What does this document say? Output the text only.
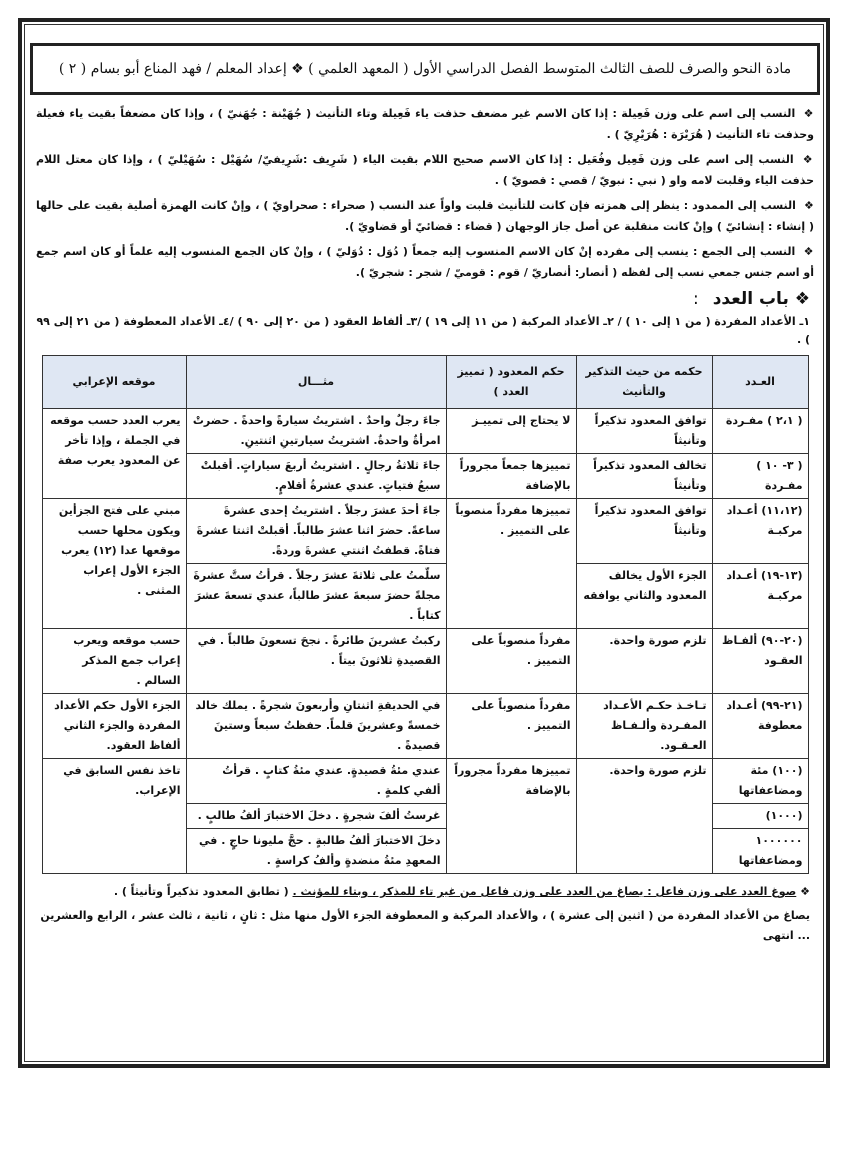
مادة النحو والصرف للصف الثالث المتوسط الفصل الدراسي الأول ( المعهد العلمي ) ❖ إعداد المعلم / فهد المناع أبو بسام ( ٢ )
❖ النسب إلى اسم على وزن فَعِيلة : إذا كان الاسم غير مضعف حذفت ياء فَعِيلة وتاء التأنيث ( جُهَيْنة : جُهَنيّ ) ، وإذا كان مضعفاً بقيت ياء فعيلة وحذفت تاء التأنيث ( هُرَيْرَة : هُرَيْرِيّ ) .
❖ النسب إلى اسم على وزن فَعِيل وفُعَيل : إذا كان الاسم صحيح اللام بقيت الياء ( شَرِيف :شَرِيفيّ/ سُهَيْل : سُهَيْليّ ) ، وإذا كان معتل اللام حذفت الياء وقلبت لامه واو ( نبي : نبويّ / قصي : قصويّ ) .
❖ النسب إلى الممدود : ينظر إلى همزته فإن كانت للتأنيث قلبت واواً عند النسب ( صحراء : صحراويّ ) ، وإنْ كانت الهمزة أصلية بقيت على حالها ( إنشاء : إنشائيّ ) وإنْ كانت منقلبة عن أصل جاز الوجهان ( قضاء : قضائيّ أو قضاويّ ).
❖ النسب إلى الجمع : ينسب إلى مفرده إنْ كان الاسم المنسوب إليه جمعاً ( دُوَل : دُوَليّ ) ، وإنْ كان الجمع المنسوب إليه علماً أو كان اسم جمع أو اسم جنس جمعي نسب إلى لفظه ( أنصار: أنصاريّ / قوم : قوميّ / شجر : شجريّ ).
❖ باب العدد :
١ـ الأعداد المفردة ( من ١ إلى ١٠ ) / ٢ـ الأعداد المركبة ( من ١١ إلى ١٩ ) /٣ـ ألفاظ العقود ( من ٢٠ إلى ٩٠ ) /٤ـ الأعداد المعطوفة ( من ٢١ إلى ٩٩ ) .
العـدد	حكمه من حيث التذكير والتأنيث	حكم المعدود ( تمييز العدد )	مثـــال	موقعه الإعرابي
( ٢،١ ) مفـردة	توافق المعدود تذكيراً وتأنيثاً	لا يحتاج إلى تمييـز	جاءَ رجلٌ واحدٌ . اشتريتُ سيارةً واحدةً . حضرتْ امرأةٌ واحدةٌ. اشتريتُ سيارتينِ اثنتينِ.	يعرب العدد حسب موقعه في الجملة ، وإذا تأخر عن المعدود يعرب صفة
( ٣- ١٠ ) مفـردة	تخالف المعدود تذكيراً وتأنيثاً	تمييزها جمعاً مجروراً بالإضافة	جاءَ ثلاثةُ رجالٍ . اشتريتُ أربعَ سياراتٍ. أقبلتْ سبعُ فتياتٍ. عندي عشرةُ أقلامٍ.	
(١١،١٢) أعـداد مركبـة	توافق المعدود تذكيراً وتأنيثاً	تمييزها مفرداً منصوباً على التمييز .	جاءَ أحدَ عشرَ رجلاً . اشتريتُ إحدى عشرةَ ساعةً. حضرَ اثنا عشرَ طالباً. أقبلتْ اثنتا عشرةَ فتاةً. قطفتُ اثنتي عشرةَ وردةً.	مبني على فتح الجزأين ويكون محلها حسب موقعها عدا (١٢) يعرب الجزء الأول إعراب المثنى .
(١٣-١٩) أعـداد مركبـة	الجزء الأول يخالف المعدود والثاني يوافقه		سلّمتُ على ثلاثةَ عشرَ رجلاً . قرأتُ ستَّ عشرةَ مجلةً حضرَ سبعةَ عشرَ طالباً، عندي تسعةَ عشرَ كتاباً .	
(٢٠-٩٠) ألفـاظ العقـود	تلزم صورة واحدة.	مفرداً منصوباً على التمييز .	ركبتُ عشرينَ طائرةً . نجحَ تسعونَ طالباً . في القصيدةِ ثلاثونَ بيتاً .	حسب موقعه ويعرب إعراب جمع المذكر السالم .
(٢١-٩٩) أعـداد معطوفة	تـاخـذ حكـم الأعـداد المفـردة وألـفـاظ العـقـود.	مفرداً منصوباً على التمييز .	في الحديقةِ اثنتانِ وأربعونَ شجرةً . يملك خالد خمسةً وعشرينَ قلماً. حفظتُ سبعاً وستينَ قصيدةً .	الجزء الأول حكم الأعداد المفردة والجزء الثاني ألفاظ العقود.
(١٠٠) مئة ومضاعفاتها	تلزم صورة واحدة.	تمييزها مفرداً مجروراً بالإضافة	عندي مئةُ قصيدةٍ. عندي مئةُ كتابٍ . قرأتُ ألفي كلمةٍ .	تاخذ نفس السابق في الإعراب.
(١٠٠٠)			غرستُ ألفَ شجرةٍ . دخلَ الاختبارَ ألفُ طالبٍ .	
١٠٠٠٠٠٠ ومضاعفاتها			دخلَ الاختبارَ ألفُ طالبةٍ . حجَّ مليونا حاجٍ . في المعهدِ مئةُ منضدةٍ وألفُ كراسةٍ .	
❖ صوغ العدد على وزن فاعل : يصاغ من العدد على وزن فاعل من غير تاء للمذكر ، وبتاء للمؤنث . ( تطابق المعدود تذكيراً وتأنيثاً ) .
يصاغ من الأعداد المفردة من ( اثنين إلى عشرة ) ، والأعداد المركبة و المعطوفة الجزء الأول منها مثل : ثانٍ ، ثانية ، ثالث عشر ، الرابع والعشرين ... انتهى
